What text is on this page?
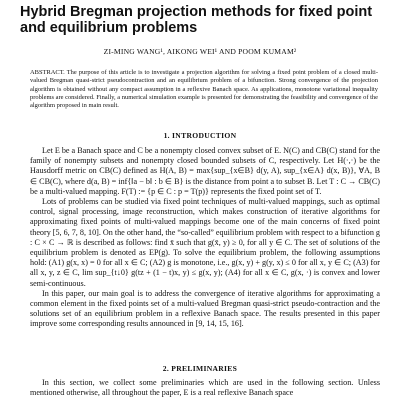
Hybrid Bregman projection methods for fixed point and equilibrium problems
ZI-MING WANG¹, AIKONG WEI¹ AND POOM KUMAM²

ABSTRACT. The purpose of this article is to investigate a projection algorithm for solving a fixed point problem of a closed multi-valued Bregman quasi-strict pseudocontraction and an equilibrium problem of a bifunction. Strong convergence of the projection algorithm is obtained without any compact assumption in a reflexive Banach space. As applications, monotone variational inequality problems are considered. Finally, a numerical simulation example is presented for demonstrating the feasibility and convergence of the algorithm proposed in main result.

1. INTRODUCTION

Let E be a Banach space and C be a nonempty closed convex subset of E. N(C) and CB(C) stand for the family of nonempty subsets and nonempty closed bounded subsets of C, respectively. Let H(·,·) be the Hausdorff metric on CB(C) defined as H(A, B) = max{sup_{x∈B} d(y, A), sup_{x∈A} d(x, B)}, ∀A, B ∈ CB(C), where d(a, B) = inf{‖a − b‖ : b ∈ B} is the distance from point a to subset B. Let T : C → CB(C) be a multi-valued mapping. F(T) := {p ∈ C : p = T(p)} represents the fixed point set of T.

Lots of problems can be studied via fixed point techniques of multi-valued mappings, such as optimal control, signal processing, image reconstruction, which makes construction of iterative algorithms for approximating fixed points of multi-valued mappings become one of the main concerns of fixed point theory [5, 6, 7, 8, 10]. On the other hand, the “so-called” equilibrium problem with respect to a bifunction g : C × C → ℝ is described as follows: find x̄ such that g(x̄, y) ≥ 0, for all y ∈ C. The set of solutions of the equilibrium problem is denoted as EP(g). To solve the equilibrium problem, the following assumptions hold: (A1) g(x, x) = 0 for all x ∈ C; (A2) g is monotone, i.e., g(x, y) + g(y, x) ≤ 0 for all x, y ∈ C; (A3) for all x, y, z ∈ C, lim sup_{t↓0} g(tz + (1 − t)x, y) ≤ g(x, y); (A4) for all x ∈ C, g(x, ·) is convex and lower semi-continuous.

In this paper, our main goal is to address the convergence of iterative algorithms for approximating a common element in the fixed points set of a multi-valued Bregman quasi-strict pseudo-contraction and the solutions set of an equilibrium problem in a reflexive Banach space. The results presented in this paper improve some corresponding results announced in [9, 14, 15, 16].

2. PRELIMINARIES

In this section, we collect some preliminaries which are used in the following section. Unless mentioned otherwise, all throughout the paper, E is a real reflexive Banach space
